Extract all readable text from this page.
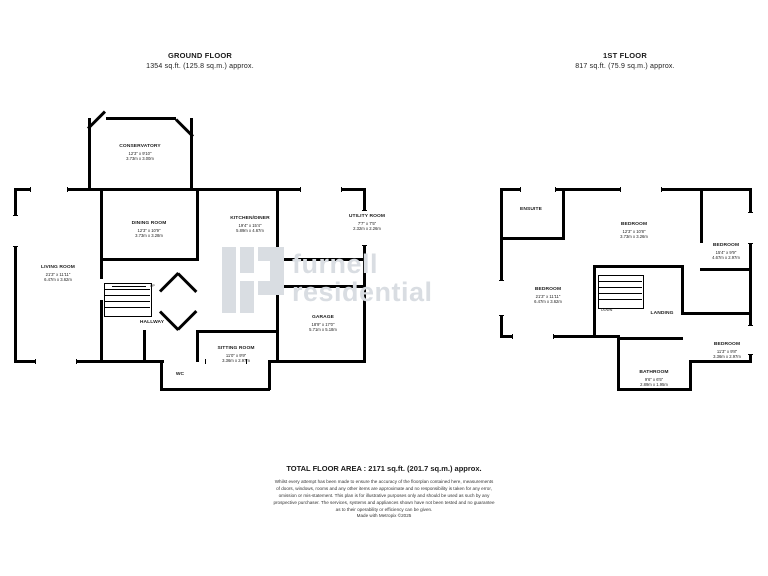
GROUND FLOOR
1354 sq.ft. (125.8 sq.m.) approx.
1ST FLOOR
817 sq.ft. (75.9 sq.m.) approx.
UP
CONSERVATORY
12'3" x 9'10"
3.73m x 3.00m
DINING ROOM
12'3" x 10'9"
3.73m x 3.28m
KITCHEN/DINER
19'4" x 15'4"
5.89m x 4.67m
UTILITY ROOM
7'7" x 7'5"
2.32m x 2.26m
LIVING ROOM
21'3" x 11'11"
6.47m x 3.62m
GARAGE
18'9" x 17'0"
5.71m x 5.18m
SITTING ROOM
11'0" x 9'9"
3.36m x 2.97m
HALLWAY
WC
DOWN
ENSUITE
BEDROOM
12'3" x 10'8"
3.73m x 3.26m
BEDROOM
15'4" x 9'9"
4.67m x 2.97m
BEDROOM
21'3" x 11'11"
6.47m x 3.62m
LANDING
BEDROOM
11'3" x 9'8"
3.36m x 2.97m
BATHROOM
9'6" x 6'5"
2.89m x 1.95m
furnell
residential
TOTAL FLOOR AREA : 2171 sq.ft. (201.7 sq.m.) approx.
Whilst every attempt has been made to ensure the accuracy of the floorplan contained here, measurements
of doors, windows, rooms and any other items are approximate and no responsibility is taken for any error,
omission or mis-statement. This plan is for illustrative purposes only and should be used as such by any
prospective purchaser. The services, systems and appliances shown have not been tested and no guarantee
as to their operability or efficiency can be given.
Made with Metropix ©2025
